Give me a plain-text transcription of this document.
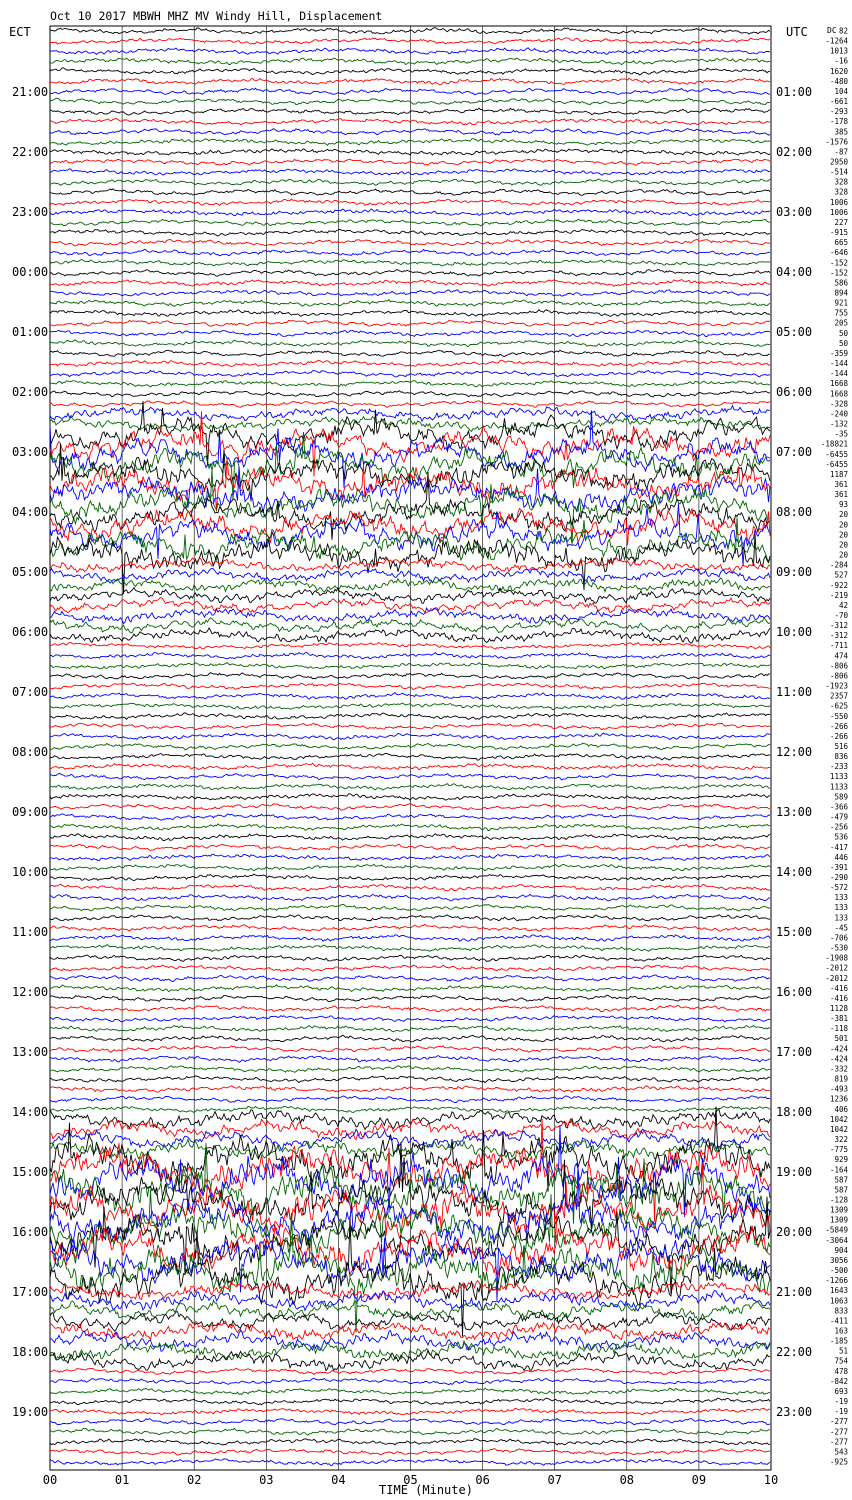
Oct 10 2017 MBWH MHZ MV Windy Hill, Displacement
ECT	UTC
21:00
22:00
23:00
00:00
01:00
02:00
03:00
04:00
05:00
06:00
07:00
08:00
09:00
10:00
11:00
12:00
13:00
14:00
15:00
16:00
17:00
18:00
19:00
01:00
02:00
03:00
04:00
05:00
06:00
07:00
08:00
09:00
10:00
11:00
12:00
13:00
14:00
15:00
16:00
17:00
18:00
19:00
20:00
21:00
22:00
23:00
82
-1264
1013
-16
1620
-480
104
-661
-293
-178
385
-1576
-87
2950
-514
328
328
1006
1006
227
-915
665
-646
-152
-152
586
894
921
755
205
50
50
-359
-144
-144
1668
1668
-328
-240
-132
-35
-18821
-6455
-6455
1187
361
361
93
20
20
20
20
20
-284
527
-922
-219
42
-70
-312
-312
-711
474
-806
-806
-1923
2357
-625
-550
-266
-266
516
836
-233
1133
1133
589
-366
-479
-256
536
-417
446
-391
-290
-572
133
133
133
-45
-706
-530
-1908
-2012
-2012
-416
-416
1128
-381
-118
501
-424
-424
-332
819
-493
1236
406
1042
1042
322
-775
929
-164
587
587
-128
1309
1309
-5849
-3064
904
3056
-500
-1266
1643
1063
833
-411
163
-185
51
754
478
-842
693
-19
-19
-277
-277
-277
543
-925
DC
00	01	02	03	04	05	06	07	08	09	10
TIME (Minute)
